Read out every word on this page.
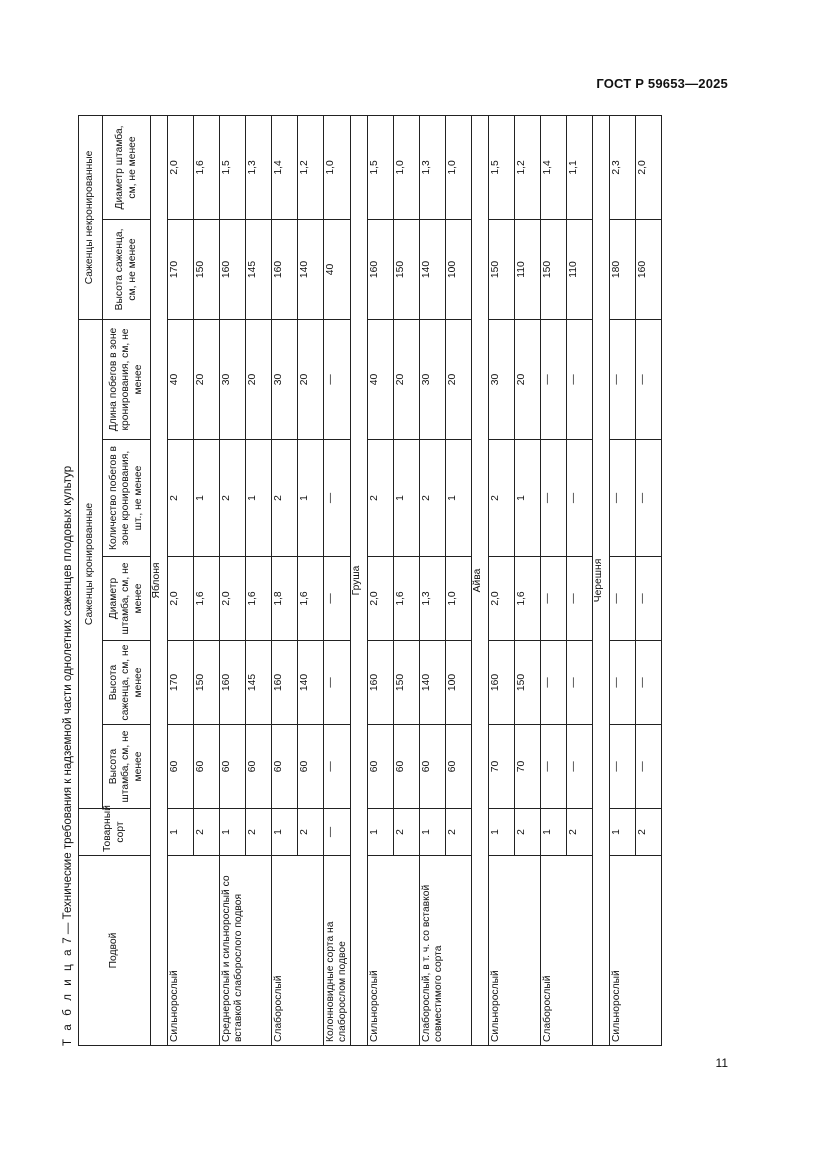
ГОСТ Р 59653—2025
Т а б л и ц а 7 — Технические требования к надземной части однолетних саженцев плодовых культур
Подвой	Товарный сорт	Саженцы кронированные					Саженцы некронированные	
		Высота штамба, см, не менее	Высота саженца, см, не менее	Диаметр штамба, см, не менее	Количество побегов в зоне кронирования, шт., не менее	Длина побегов в зоне кронирования, см, не менее	Высота саженца, см, не менее	Диаметр штамба, см, не менее
Яблоня								
Сильнорослый	1	60	170	2,0	2	40	170	2,0
	2	60	150	1,6	1	20	150	1,6
Среднерослый и сильнорослый со вставкой слаборослого подвоя	1	60	160	2,0	2	30	160	1,5
	2	60	145	1,6	1	20	145	1,3
Слаборослый	1	60	160	1,8	2	30	160	1,4
	2	60	140	1,6	1	20	140	1,2
Колонновидные сорта на слаборослом подвое	—	—	—	—	—	—	40	1,0
Груша								
Сильнорослый	1	60	160	2,0	2	40	160	1,5
	2	60	150	1,6	1	20	150	1,0
Слаборослый, в т. ч. со вставкой совместимого сорта	1	60	140	1,3	2	30	140	1,3
	2	60	100	1,0	1	20	100	1,0
Айва								
Сильнорослый	1	70	160	2,0	2	30	150	1,5
	2	70	150	1,6	1	20	110	1,2
Слаборослый	1	—	—	—	—	—	150	1,4
	2	—	—	—	—	—	110	1,1
Черешня								
Сильнорослый	1	—	—	—	—	—	180	2,3
	2	—	—	—	—	—	160	2,0
11
